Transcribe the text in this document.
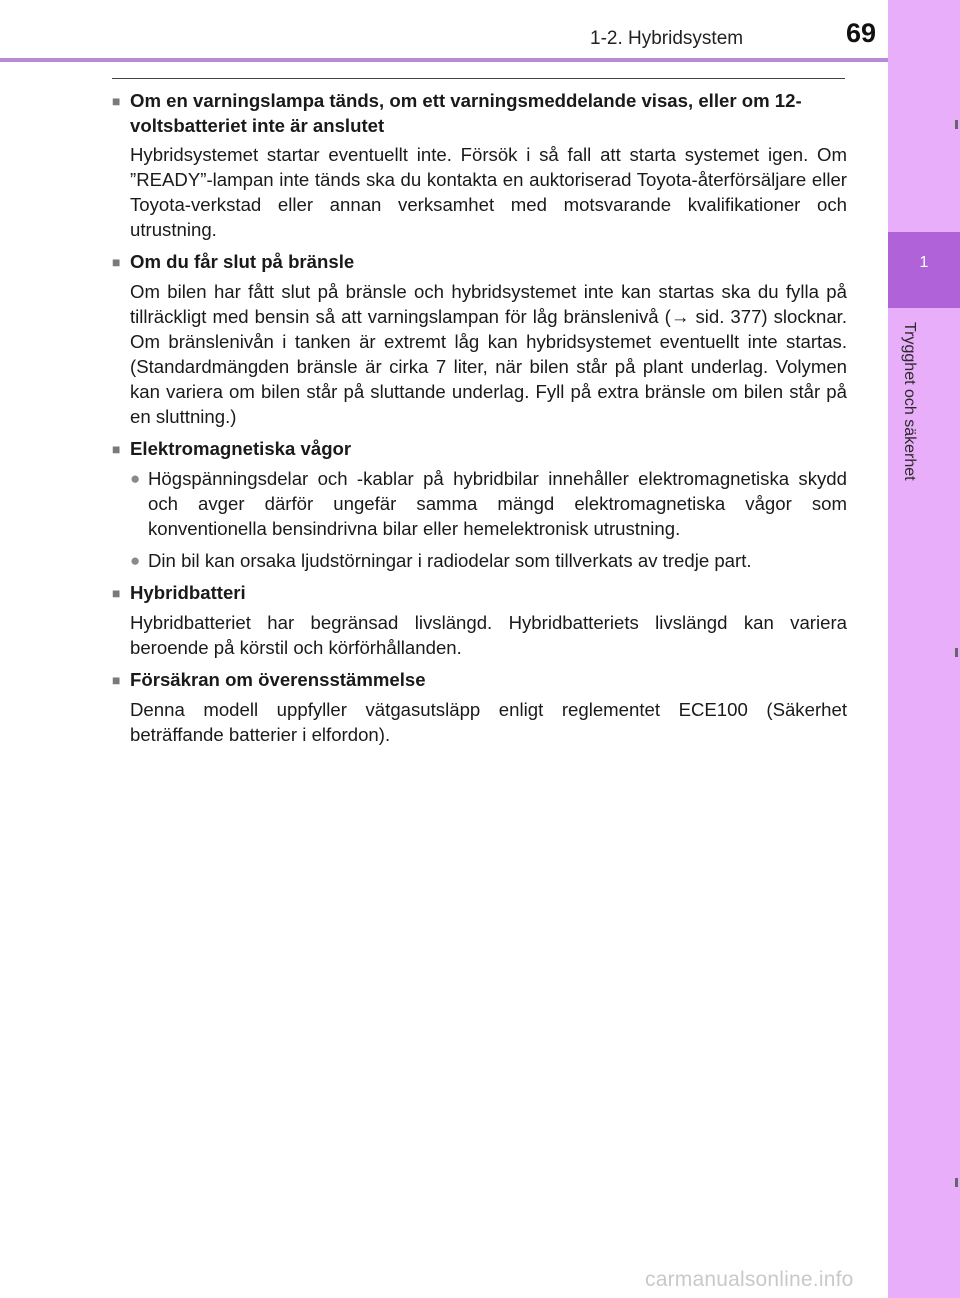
1-2. Hybridsystem	69
1
Trygghet och säkerhet
■ Om en varningslampa tänds, om ett varningsmeddelande visas, eller om 12-voltsbatteriet inte är anslutet
Hybridsystemet startar eventuellt inte. Försök i så fall att starta systemet igen. Om ”READY”-lampan inte tänds ska du kontakta en auktoriserad Toyota-återförsäljare eller Toyota-verkstad eller annan verksamhet med motsvarande kvalifikationer och utrustning.
■ Om du får slut på bränsle
Om bilen har fått slut på bränsle och hybridsystemet inte kan startas ska du fylla på tillräckligt med bensin så att varningslampan för låg bränslenivå (→ sid. 377) slocknar. Om bränslenivån i tanken är extremt låg kan hybridsystemet eventuellt inte startas. (Standardmängden bränsle är cirka 7 liter, när bilen står på plant underlag. Volymen kan variera om bilen står på sluttande underlag. Fyll på extra bränsle om bilen står på en sluttning.)
■ Elektromagnetiska vågor
● Högspänningsdelar och -kablar på hybridbilar innehåller elektromagnetiska skydd och avger därför ungefär samma mängd elektromagnetiska vågor som konventionella bensindrivna bilar eller hemelektronisk utrustning.
● Din bil kan orsaka ljudstörningar i radiodelar som tillverkats av tredje part.
■ Hybridbatteri
Hybridbatteriet har begränsad livslängd. Hybridbatteriets livslängd kan variera beroende på körstil och körförhållanden.
■ Försäkran om överensstämmelse
Denna modell uppfyller vätgasutsläpp enligt reglementet ECE100 (Säkerhet beträffande batterier i elfordon).
carmanualsonline.info
